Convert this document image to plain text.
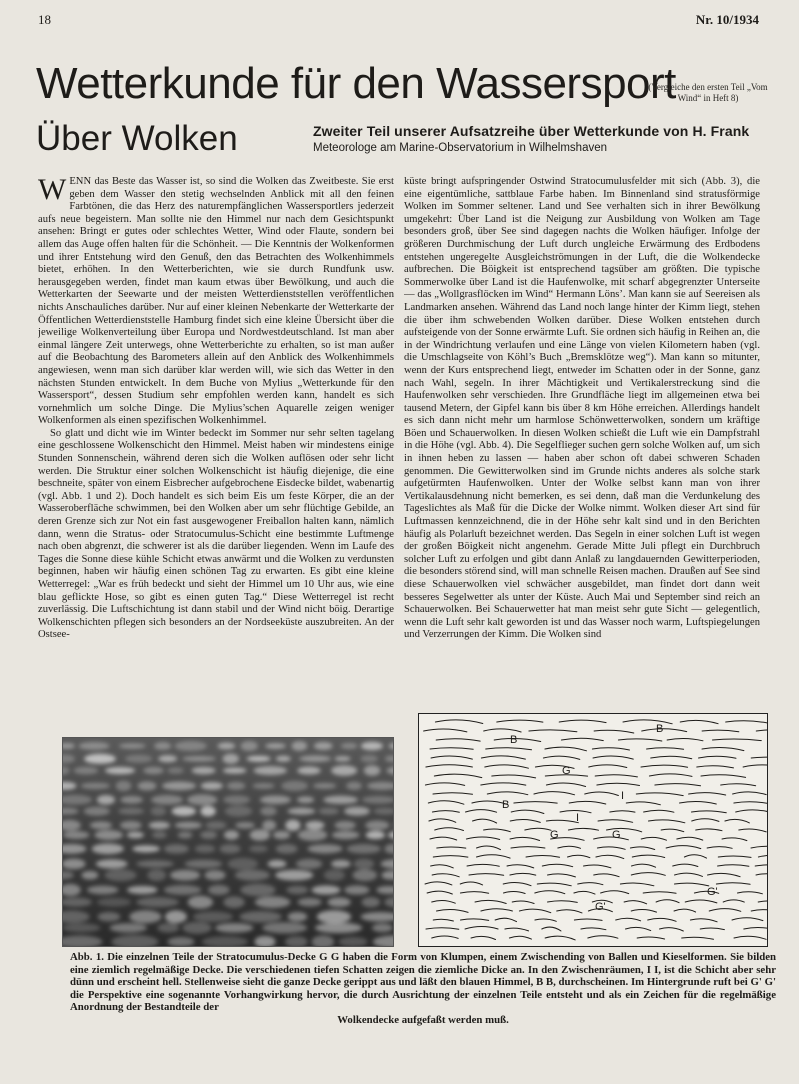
18	Nr. 10/1934
Wetterkunde für den Wassersport
(Vergleiche den ersten Teil „Vom Wind“ in Heft 8)
Über Wolken	Zweiter Teil unserer Aufsatzreihe über Wetterkunde von H. Frank
Meteorologe am Marine-Observatorium in Wilhelmshaven

WENN das Beste das Wasser ist, so sind die Wolken das Zweitbeste. Sie erst geben dem Wasser den stetig wechselnden Anblick mit all den feinen Farbtönen, die das Herz des naturempfänglichen Wassersportlers jederzeit aufs neue begeistern. Man sollte nie den Himmel nur nach dem Gesichtspunkt ansehen: Bringt er gutes oder schlechtes Wetter, Wind oder Flaute, sondern bei allem das Auge offen halten für die Schönheit. — Die Kenntnis der Wolkenformen und ihrer Entstehung wird den Genuß, den das Betrachten des Wolkenhimmels bietet, erhöhen. In den Wetterberichten, wie sie durch Rundfunk usw. herausgegeben werden, findet man kaum etwas über Bewölkung, und auch die Wetterkarten der Seewarte und der meisten Wetterdienststellen veröffentlichen nichts Anschauliches darüber. Nur auf einer kleinen Nebenkarte der Wetterkarte der Öffentlichen Wetterdienststelle Hamburg findet sich eine kleine Übersicht über die jeweilige Wolkenverteilung über Europa und Nordwestdeutschland. Ist man aber einmal längere Zeit unterwegs, ohne Wetterberichte zu erhalten, so ist man außer auf die Beobachtung des Barometers allein auf den Anblick des Wolkenhimmels angewiesen, wenn man sich darüber klar werden will, wie sich das Wetter in den nächsten Stunden entwickelt. In dem Buche von Mylius „Wetterkunde für den Wassersport“, dessen Studium sehr empfohlen werden kann, handelt es sich vornehmlich um solche Dinge. Die Mylius’schen Aquarelle zeigen weniger Wolkenformen als einen spezifischen Wolkenhimmel.

So glatt und dicht wie im Winter bedeckt im Sommer nur sehr selten tagelang eine geschlossene Wolkenschicht den Himmel. Meist haben wir mindestens einige Stunden Sonnenschein, während deren sich die Wolken auflösen oder sehr licht werden. Die Struktur einer solchen Wolkenschicht ist häufig diejenige, die eine beschneite, später von einem Eisbrecher aufgebrochene Eisdecke bildet, wabenartig (vgl. Abb. 1 und 2). Doch handelt es sich beim Eis um feste Körper, die an der Wasseroberfläche schwimmen, bei den Wolken aber um sehr flüchtige Gebilde, an deren Grenze sich zur Not ein fast ausgewogener Freiballon halten kann, nämlich dann, wenn die Stratus- oder Stratocumulus-Schicht eine bestimmte Luftmenge nach oben abgrenzt, die schwerer ist als die darüber liegenden. Wenn im Laufe des Tages die Sonne diese kühle Schicht etwas anwärmt und die Wolken zu verdunsten beginnen, haben wir häufig einen schönen Tag zu erwarten. Es gibt eine kleine Wetterregel: „War es früh bedeckt und sieht der Himmel um 10 Uhr aus, wie eine blau geflickte Hose, so gibt es einen guten Tag.“ Diese Wetterregel ist recht zuverlässig. Die Luftschichtung ist dann stabil und der Wind nicht böig. Derartige Wolkenschichten pflegen sich besonders an der Nordseeküste auszubreiten. An der Ostsee-

küste bringt aufspringender Ostwind Stratocumulusfelder mit sich (Abb. 3), die eine eigentümliche, sattblaue Farbe haben. Im Binnenland sind stratusförmige Wolken im Sommer seltener. Land und See verhalten sich in ihrer Bewölkung umgekehrt: Über Land ist die Neigung zur Ausbildung von Wolken am Tage besonders groß, über See sind dagegen nachts die Wolken häufiger. Infolge der größeren Durchmischung der Luft durch ungleiche Erwärmung des Erdbodens entstehen ungeregelte Ausgleichströmungen in der Luft, die die Wolkendecke aufbrechen. Die Böigkeit ist entsprechend tagsüber am größten. Die typische Sommerwolke über Land ist die Haufenwolke, mit scharf abgegrenzter Unterseite — das „Wollgrasflöcken im Wind“ Hermann Löns’. Man kann sie auf Seereisen als Landmarken ansehen. Während das Land noch lange hinter der Kimm liegt, stehen die über ihm schwebenden Wolken darüber. Diese Wolken entstehen durch aufsteigende von der Sonne erwärmte Luft. Sie ordnen sich häufig in Reihen an, die in der Windrichtung verlaufen und eine Länge von vielen Kilometern haben (vgl. die Umschlagseite von Köhl’s Buch „Bremsklötze weg“). Man kann so mitunter, wenn der Kurs entsprechend liegt, entweder im Schatten oder in der Sonne, ganz nach Wahl, segeln. In ihrer Mächtigkeit und Vertikalerstreckung sind die Haufenwolken sehr verschieden. Ihre Grundfläche liegt im allgemeinen etwa bei tausend Metern, der Gipfel kann bis über 8 km Höhe erreichen. Allerdings handelt es sich dann nicht mehr um harmlose Schönwetterwolken, sondern um kräftige Böen und Schauerwolken. In diesen Wolken schießt die Luft wie ein Dampfstrahl in die Höhe (vgl. Abb. 4). Die Segelflieger suchen gern solche Wolken auf, um sich in ihnen heben zu lassen — haben aber schon oft dabei schweren Schaden genommen. Die Gewitterwolken sind im Grunde nichts anderes als solche stark aufgetürmten Haufenwolken. Unter der Wolke selbst kann man von ihrer Vertikalausdehnung nicht bemerken, es sei denn, daß man die Verdunkelung des Tageslichtes als Maß für die Dicke der Wolke nimmt. Wolken dieser Art sind für Luftmassen kennzeichnend, die in der Höhe sehr kalt sind und in den Berichten häufig als Polarluft bezeichnet werden. Das Segeln in einer solchen Luft ist wegen der großen Böigkeit nicht angenehm. Gerade Mitte Juli pflegt ein Durchbruch solcher Luft zu erfolgen und gibt dann Anlaß zu langdauernden Gewitterperioden, die besonders störend sind, will man schnelle Reisen machen. Draußen auf See sind diese Schauerwolken viel schwächer ausgebildet, man findet dort dann weit besseres Segelwetter als unter der Küste. Auch Mai und September sind reich an Schauerwolken. Bei Schauerwetter hat man meist sehr gute Sicht — gelegentlich, wenn die Luft sehr kalt geworden ist und das Wasser noch warm, Luftspiegelungen und Verzerrungen der Kimm. Die Wolken sind

B
B
G
I
B
I
G	G
G'
G'
Abb. 1. Die einzelnen Teile der Stratocumulus-Decke G G haben die Form von Klumpen, einem Zwischending von Ballen und Kieselformen. Sie bilden eine ziemlich regelmäßige Decke. Die verschiedenen tiefen Schatten zeigen die ziemliche Dicke an. In den Zwischenräumen, I I, ist die Schicht aber sehr dünn und erscheint hell. Stellenweise sieht die ganze Decke gerippt aus und läßt den blauen Himmel, B B, durchscheinen. Im Hintergrunde ruft bei G' G' die Perspektive eine sogenannte Vorhangwirkung hervor, die durch Ausrichtung der einzelnen Teile entsteht und als ein Zeichen für die regelmäßige Anordnung der Bestandteile der
Wolkendecke aufgefaßt werden muß.
